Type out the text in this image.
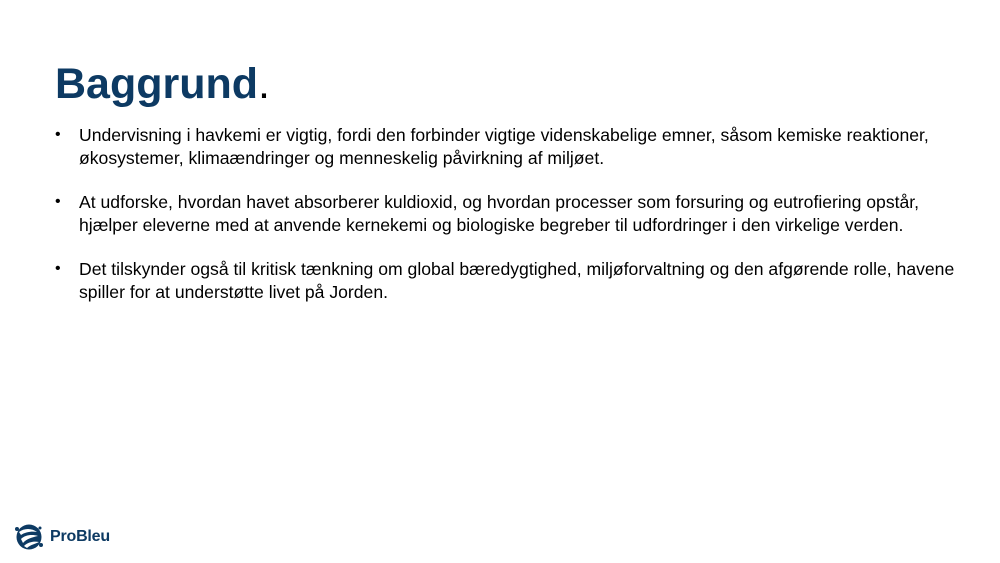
Baggrund.
• Undervisning i havkemi er vigtig, fordi den forbinder vigtige videnskabelige emner, såsom kemiske reaktioner, økosystemer, klimaændringer og menneskelig påvirkning af miljøet.
• At udforske, hvordan havet absorberer kuldioxid, og hvordan processer som forsuring og eutrofiering opstår, hjælper eleverne med at anvende kernekemi og biologiske begreber til udfordringer i den virkelige verden.
• Det tilskynder også til kritisk tænkning om global bæredygtighed, miljøforvaltning og den afgørende rolle, havene spiller for at understøtte livet på Jorden.
ProBleu
